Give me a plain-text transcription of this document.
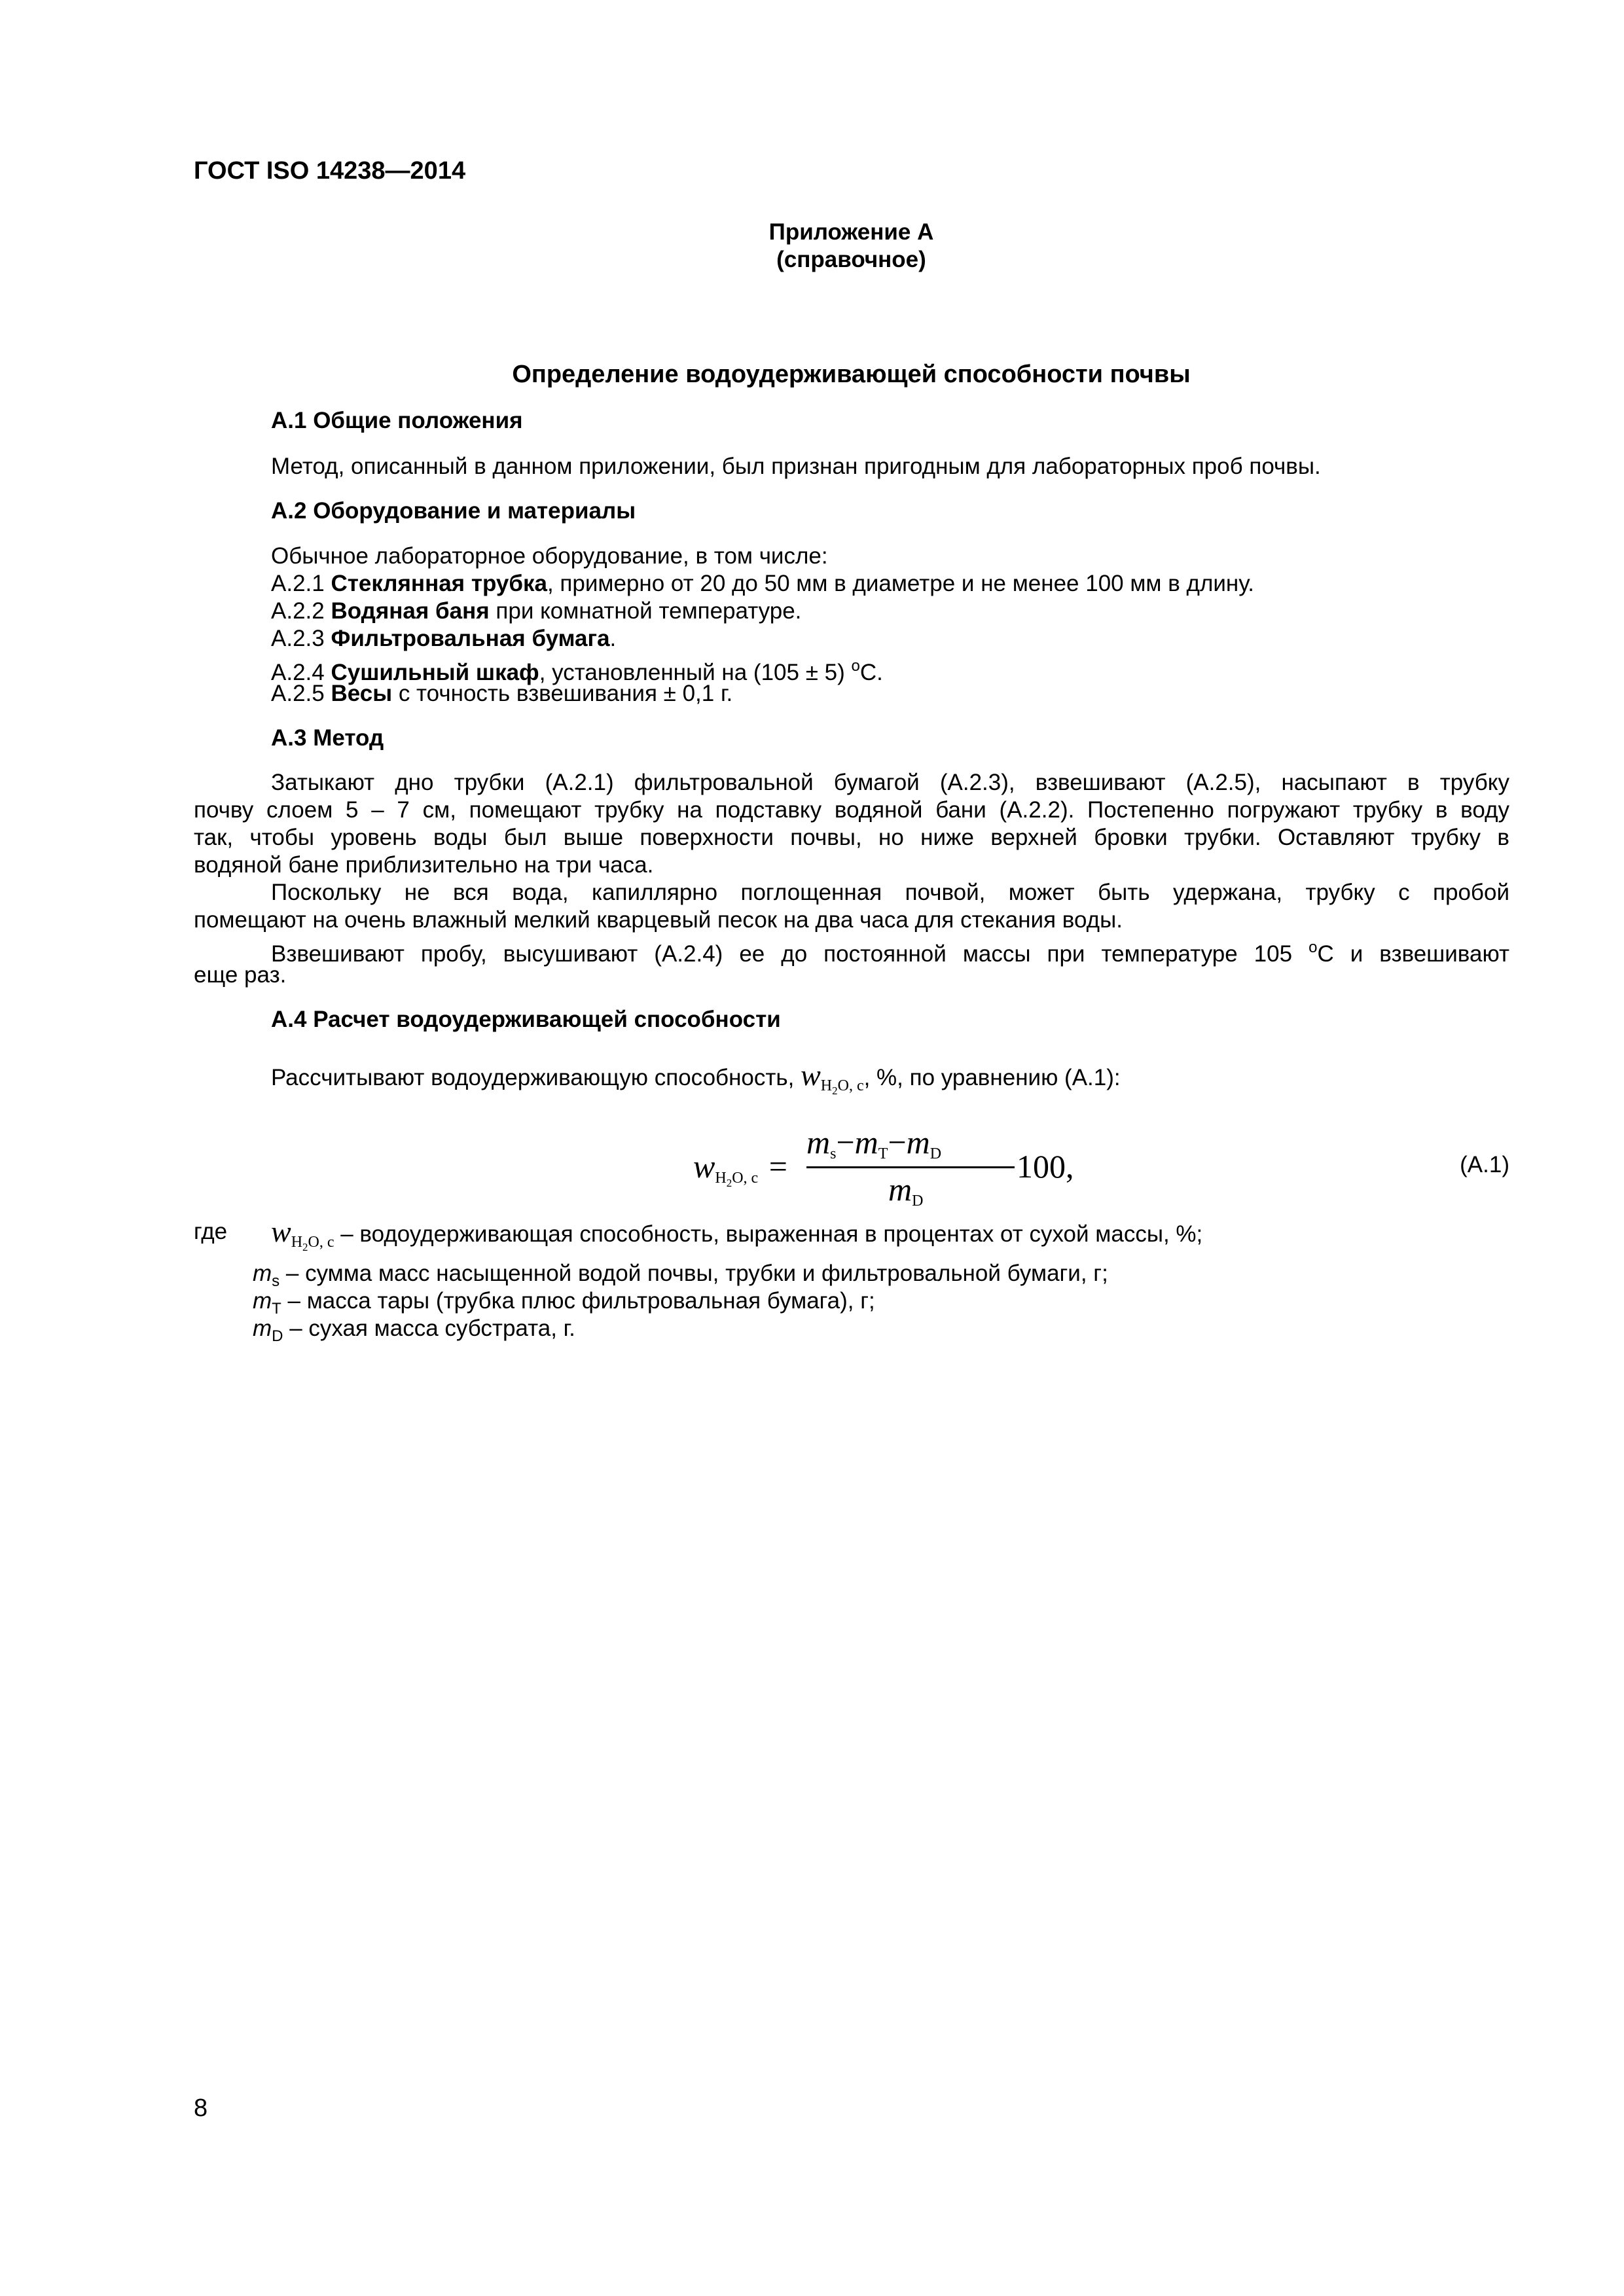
ГОСТ ISO 14238—2014
Приложение А
(справочное)
Определение водоудерживающей способности почвы
А.1 Общие положения
Метод, описанный в данном приложении, был признан пригодным для лабораторных проб почвы.
А.2 Оборудование и материалы
Обычное лабораторное оборудование, в том числе:
А.2.1 Стеклянная трубка, примерно от 20 до 50 мм в диаметре и не менее 100 мм в длину.
А.2.2 Водяная баня при комнатной температуре.
А.2.3 Фильтровальная бумага.
А.2.4 Сушильный шкаф, установленный на (105 ± 5) $^o$C.
А.2.5 Весы с точность взвешивания ± 0,1 г.
А.3 Метод
Затыкают дно трубки (А.2.1) фильтровальной бумагой (А.2.3), взвешивают (А.2.5), насыпают в трубку
почву слоем 5 – 7 см, помещают трубку на подставку водяной бани (А.2.2). Постепенно погружают трубку в воду
так, чтобы уровень воды был выше поверхности почвы, но ниже верхней бровки трубки. Оставляют трубку в
водяной бане приблизительно на три часа.
Поскольку не вся вода, капиллярно поглощенная почвой, может быть удержана, трубку с пробой
помещают на очень влажный мелкий кварцевый песок на два часа для стекания воды.
Взвешивают пробу, высушивают (А.2.4) ее до постоянной массы при температуре 105 $^o$C и взвешивают
еще раз.
А.4 Расчет водоудерживающей способности
Рассчитывают водоудерживающую способность, $w_{H_2O, c}$, %, по уравнению (А.1):
$w_{H_2O, c}$ =
$m_s-m_T-m_D$
$m_D$
100,	(А.1)
где $w_{H_2O, c}$ – водоудерживающая способность, выраженная в процентах от сухой массы, %;
$m_s$ – сумма масс насыщенной водой почвы, трубки и фильтровальной бумаги, г;
$m_T$ – масса тары (трубка плюс фильтровальная бумага), г;
$m_D$ – сухая масса субстрата, г.
8
